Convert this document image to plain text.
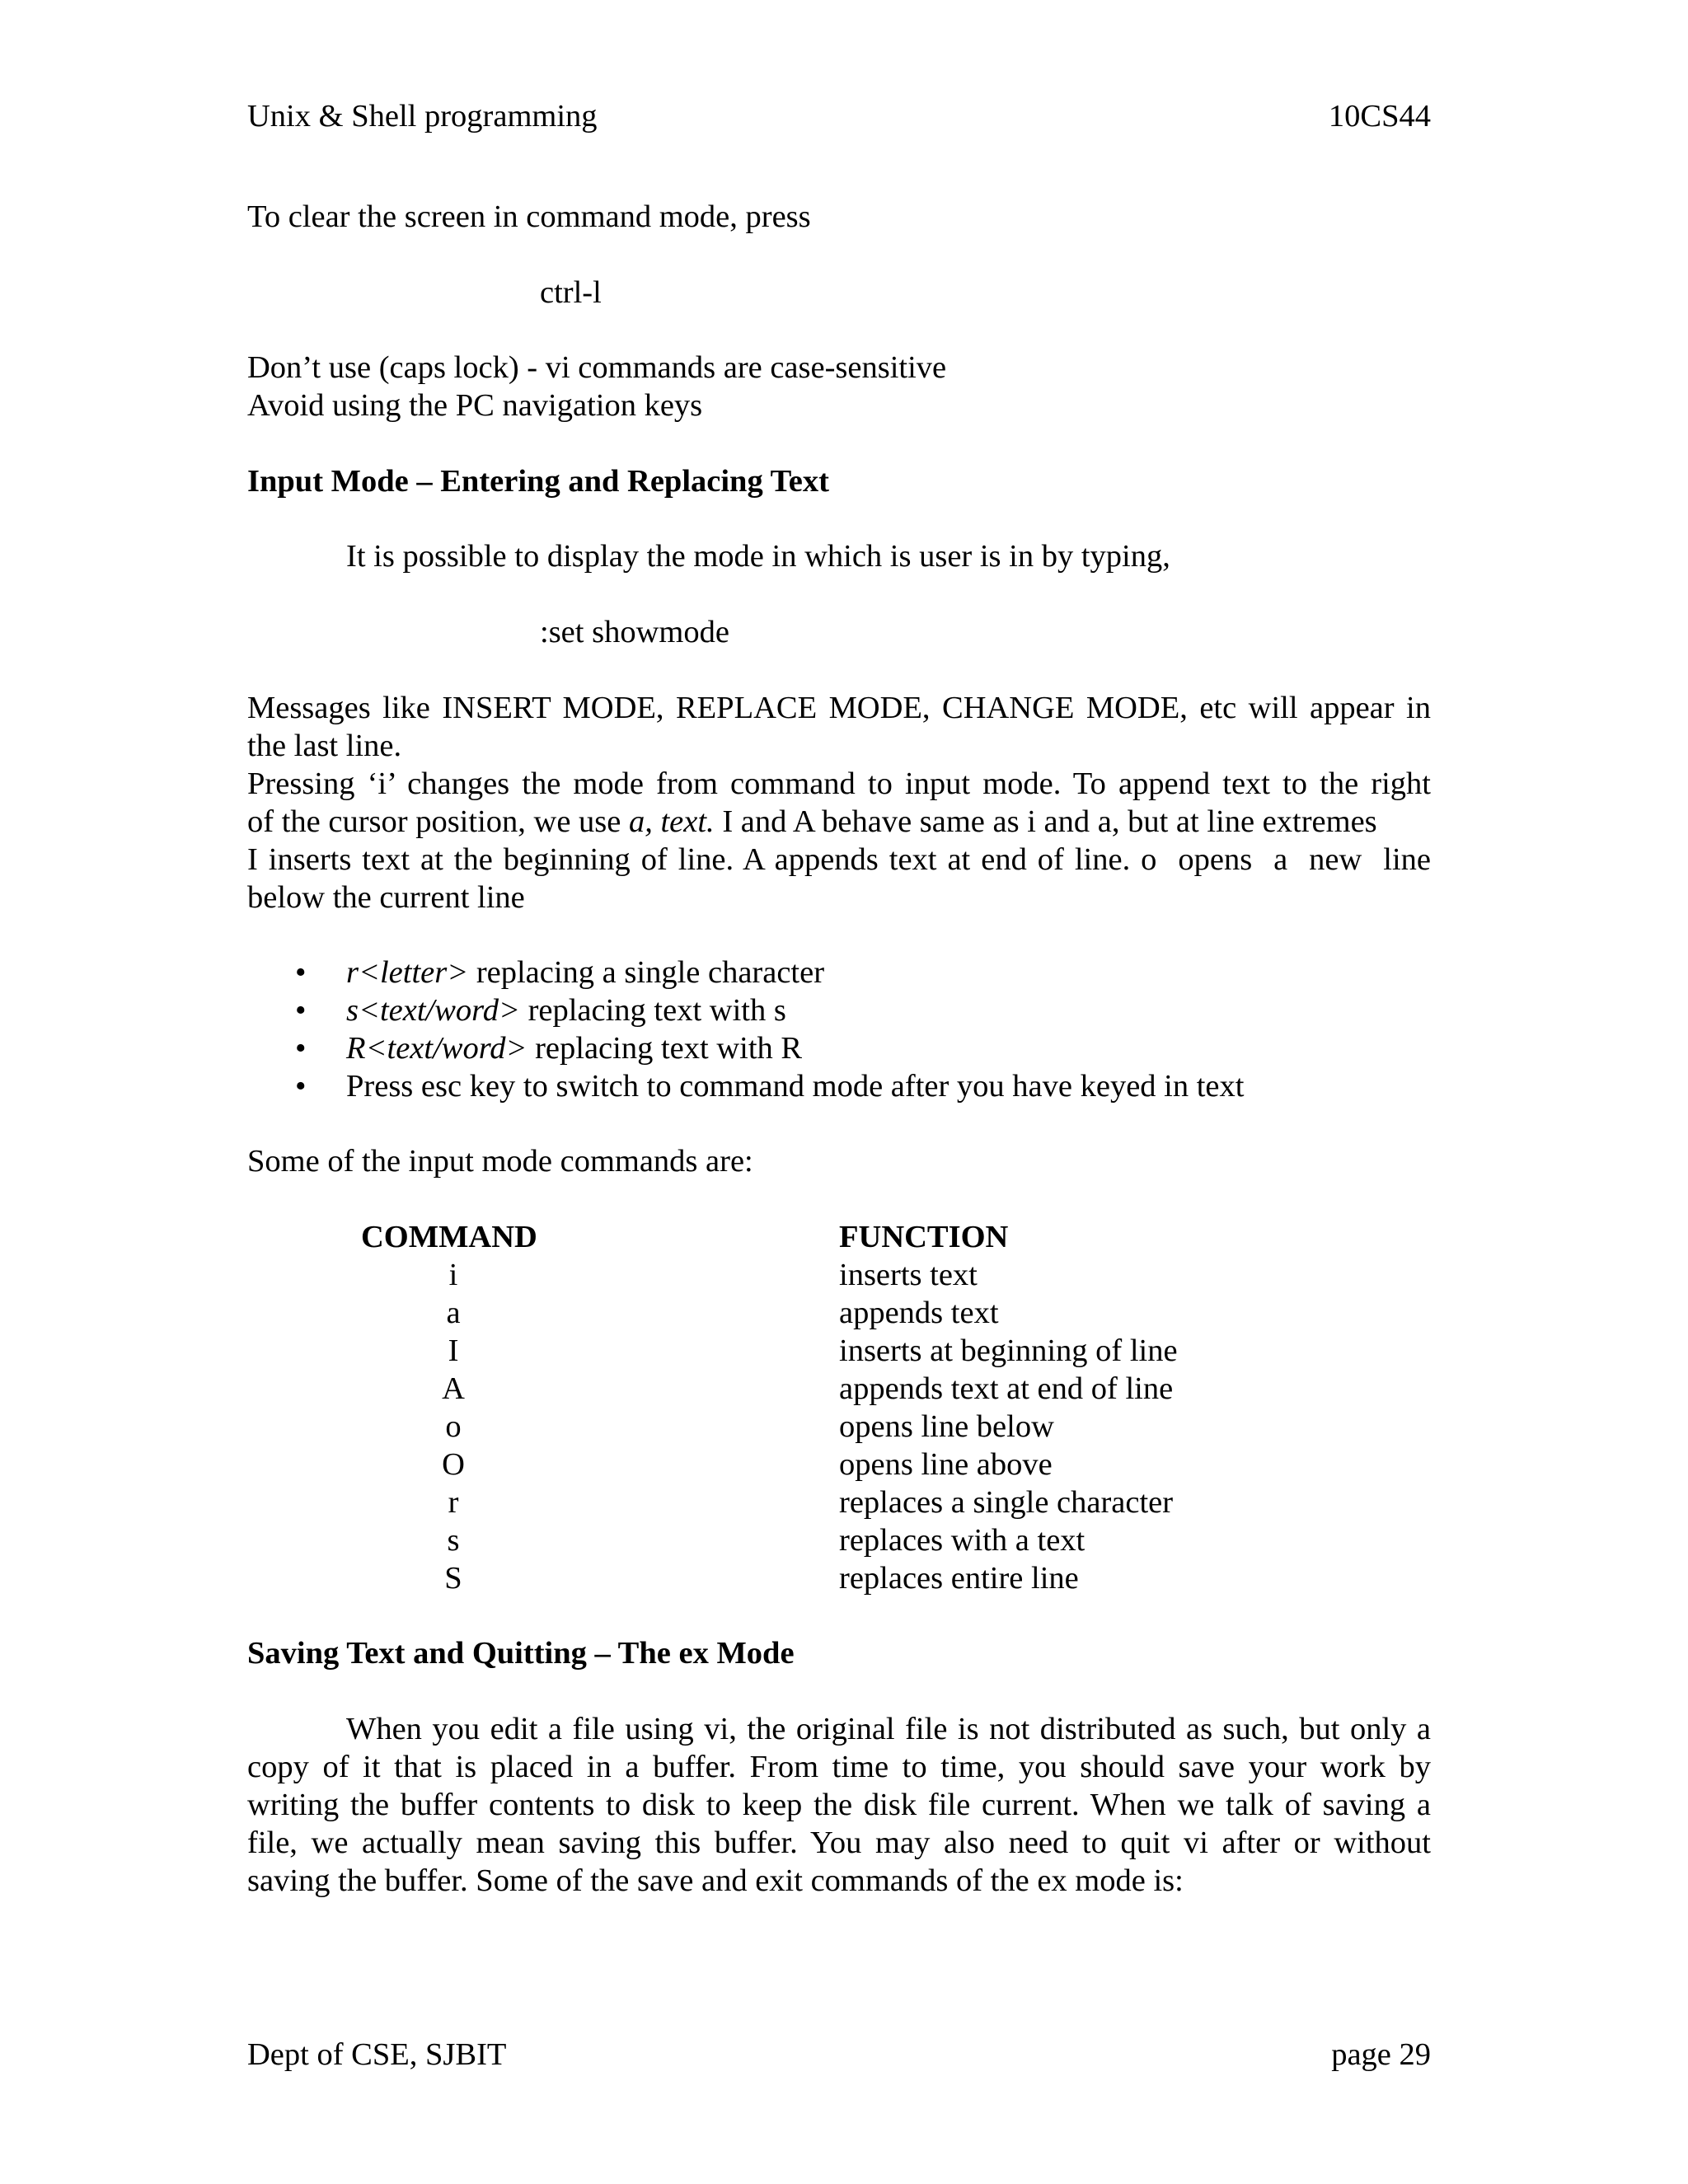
Unix & Shell programming	10CS44
To clear the screen in command mode, press
ctrl-l
Don’t use (caps lock) - vi commands are case-sensitive
Avoid using the PC navigation keys
Input Mode – Entering and Replacing Text
It is possible to display the mode in which is user is in by typing,
:set showmode
Messages like INSERT MODE, REPLACE MODE, CHANGE MODE, etc will appear in
the last line.
Pressing ‘i’ changes the mode from command to input mode. To append text to the right
of the cursor position, we use a, text. I and A behave same as i and a, but at line extremes
I inserts text at the beginning of line. A appends text at end of line. o  opens  a  new  line
below the current line
• r<letter> replacing a single character
• s<text/word> replacing text with s
• R<text/word> replacing text with R
• Press esc key to switch to command mode after you have keyed in text
Some of the input mode commands are:
COMMAND	FUNCTION
i	inserts text
a	appends text
I	inserts at beginning of line
A	appends text at end of line
o	opens line below
O	opens line above
r	replaces a single character
s	replaces with a text
S	replaces entire line
Saving Text and Quitting – The ex Mode
When you edit a file using vi, the original file is not distributed as such, but only a
copy of it that is placed in a buffer. From time to time, you should save your work by
writing the buffer contents to disk to keep the disk file current. When we talk of saving a
file, we actually mean saving this buffer. You may also need to quit vi after or without
saving the buffer. Some of the save and exit commands of the ex mode is:
Dept of CSE, SJBIT	page 29
